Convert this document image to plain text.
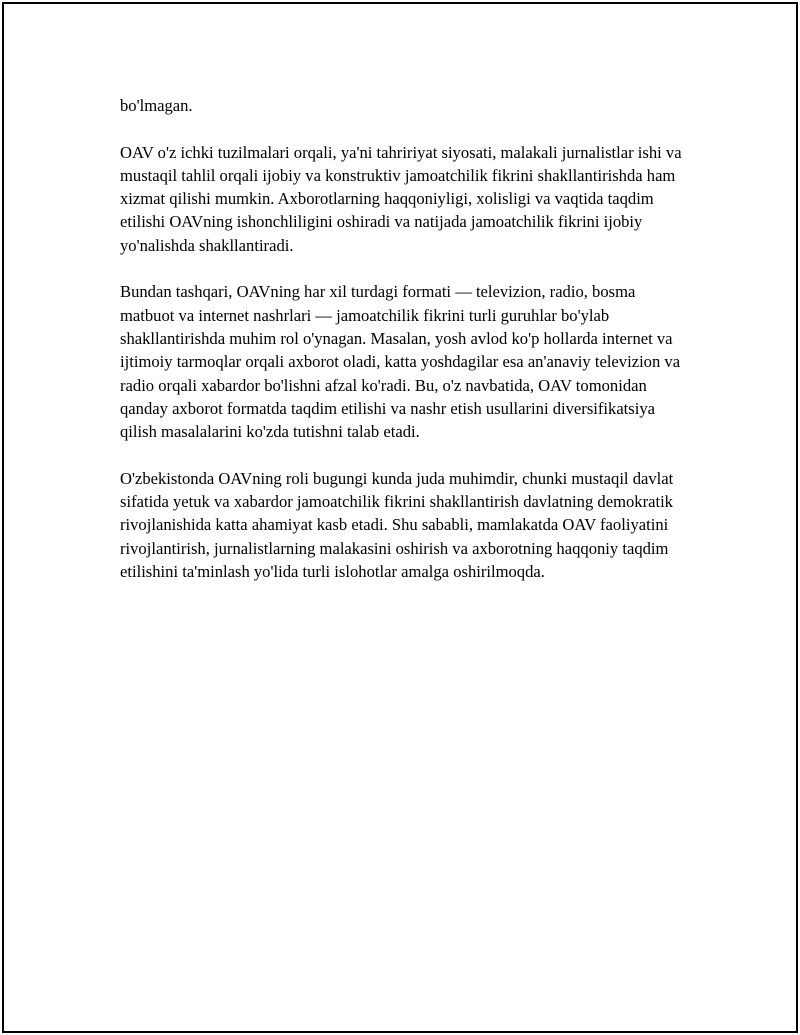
bo'lmagan.

OAV o'z ichki tuzilmalari orqali, ya'ni tahririyat siyosati, malakali jurnalistlar ishi va mustaqil tahlil orqali ijobiy va konstruktiv jamoatchilik fikrini shakllantirishda ham xizmat qilishi mumkin. Axborotlarning haqqoniyligi, xolisligi va vaqtida taqdim etilishi OAVning ishonchliligini oshiradi va natijada jamoatchilik fikrini ijobiy yo'nalishda shakllantiradi.

Bundan tashqari, OAVning har xil turdagi formati — televizion, radio, bosma matbuot va internet nashrlari — jamoatchilik fikrini turli guruhlar bo'ylab shakllantirishda muhim rol o'ynagan. Masalan, yosh avlod ko'p hollarda internet va ijtimoiy tarmoqlar orqali axborot oladi, katta yoshdagilar esa an'anaviy televizion va radio orqali xabardor bo'lishni afzal ko'radi. Bu, o'z navbatida, OAV tomonidan qanday axborot formatda taqdim etilishi va nashr etish usullarini diversifikatsiya qilish masalalarini ko'zda tutishni talab etadi.

O'zbekistonda OAVning roli bugungi kunda juda muhimdir, chunki mustaqil davlat sifatida yetuk va xabardor jamoatchilik fikrini shakllantirish davlatning demokratik rivojlanishida katta ahamiyat kasb etadi. Shu sababli, mamlakatda OAV faoliyatini rivojlantirish, jurnalistlarning malakasini oshirish va axborotning haqqoniy taqdim etilishini ta'minlash yo'lida turli islohotlar amalga oshirilmoqda.
